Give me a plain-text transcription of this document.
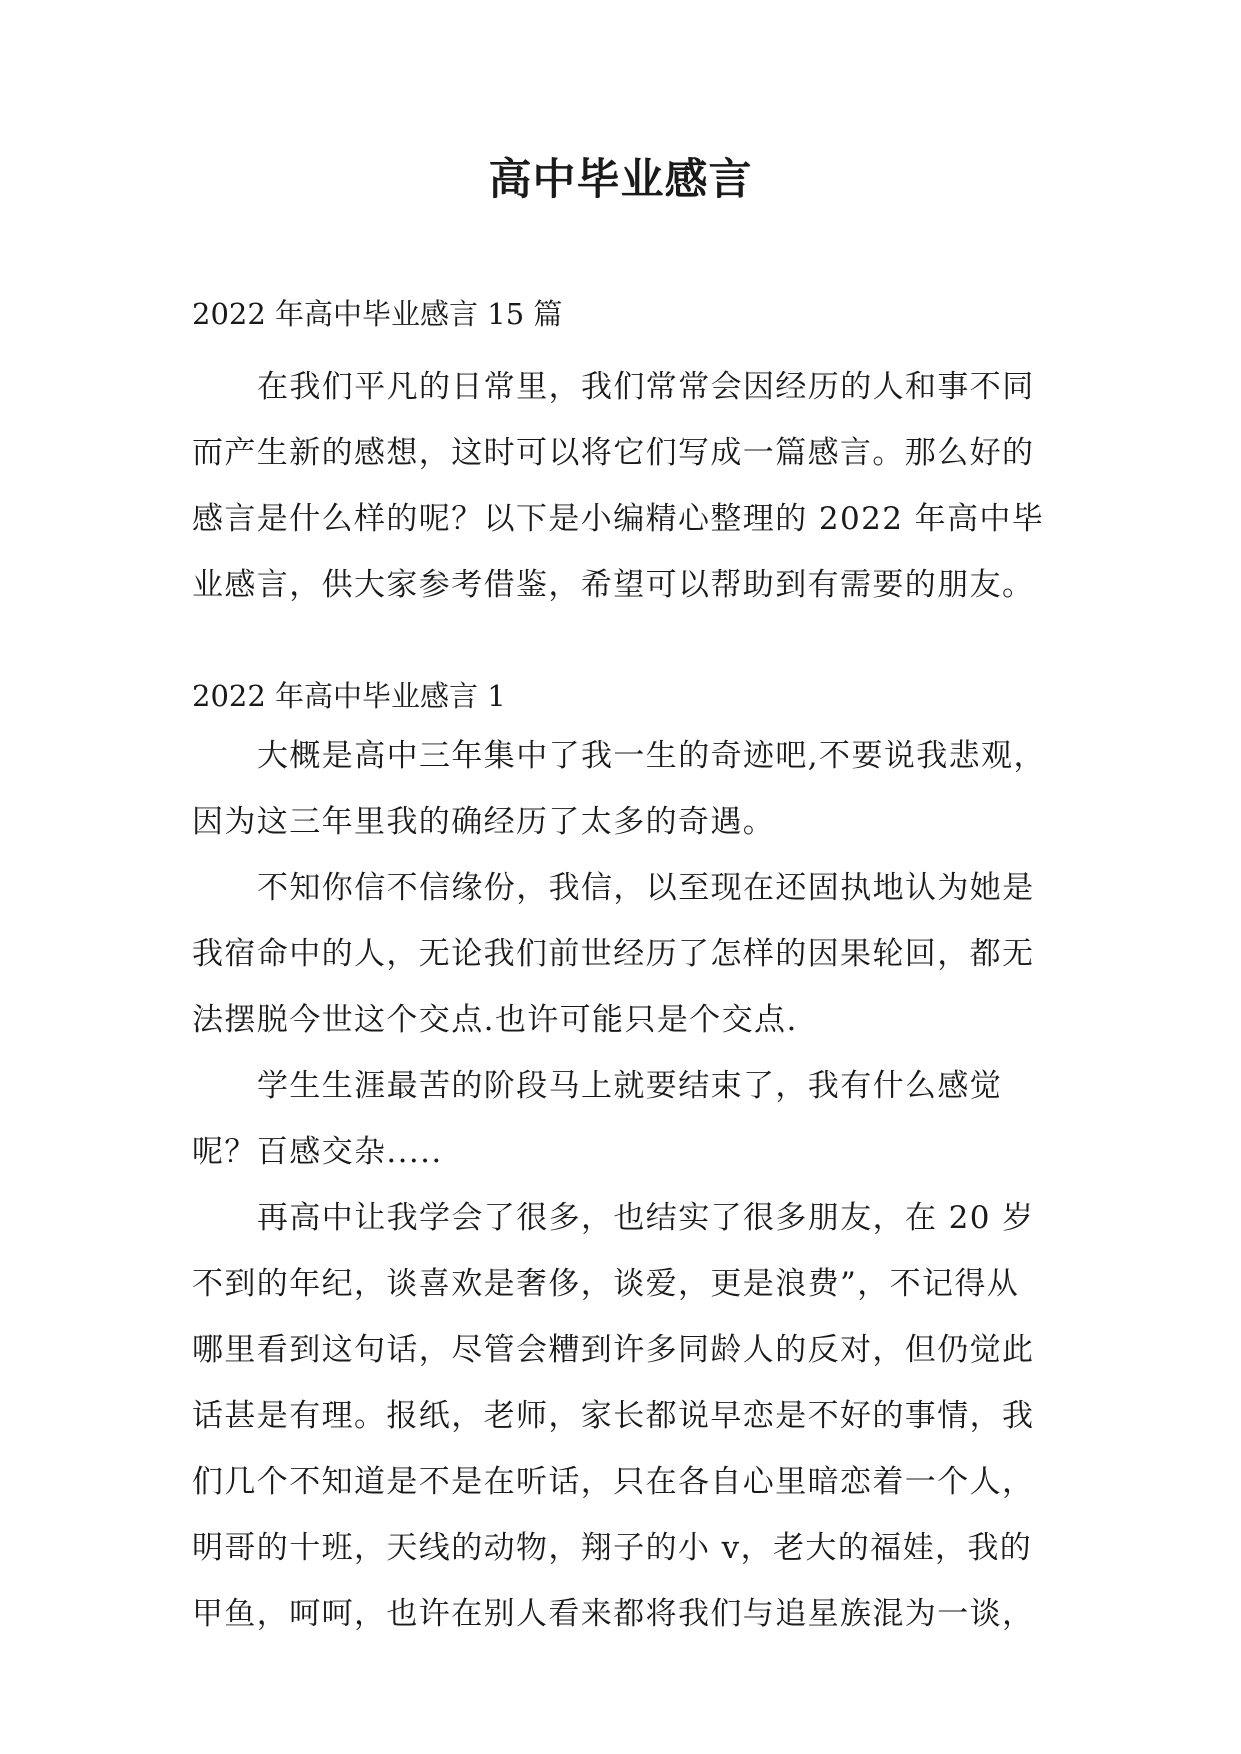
高中毕业感言

2022 年高中毕业感言 15 篇

在我们平凡的日常里，我们常常会因经历的人和事不同

而产生新的感想，这时可以将它们写成一篇感言。那么好的

感言是什么样的呢？以下是小编精心整理的 2022 年高中毕

业感言，供大家参考借鉴，希望可以帮助到有需要的朋友。

2022 年高中毕业感言 1

大概是高中三年集中了我一生的奇迹吧,不要说我悲观，

因为这三年里我的确经历了太多的奇遇。

不知你信不信缘份，我信，以至现在还固执地认为她是

我宿命中的人，无论我们前世经历了怎样的因果轮回，都无

法摆脱今世这个交点.也许可能只是个交点.

学生生涯最苦的阶段马上就要结束了，我有什么感觉

呢？百感交杂.....

再高中让我学会了很多，也结实了很多朋友，在 20 岁

不到的年纪，谈喜欢是奢侈，谈爱，更是浪费”，不记得从

哪里看到这句话，尽管会糟到许多同龄人的反对，但仍觉此

话甚是有理。报纸，老师，家长都说早恋是不好的事情，我

们几个不知道是不是在听话，只在各自心里暗恋着一个人，

明哥的十班，天线的动物，翔子的小 v，老大的福娃，我的

甲鱼，呵呵，也许在别人看来都将我们与追星族混为一谈，
